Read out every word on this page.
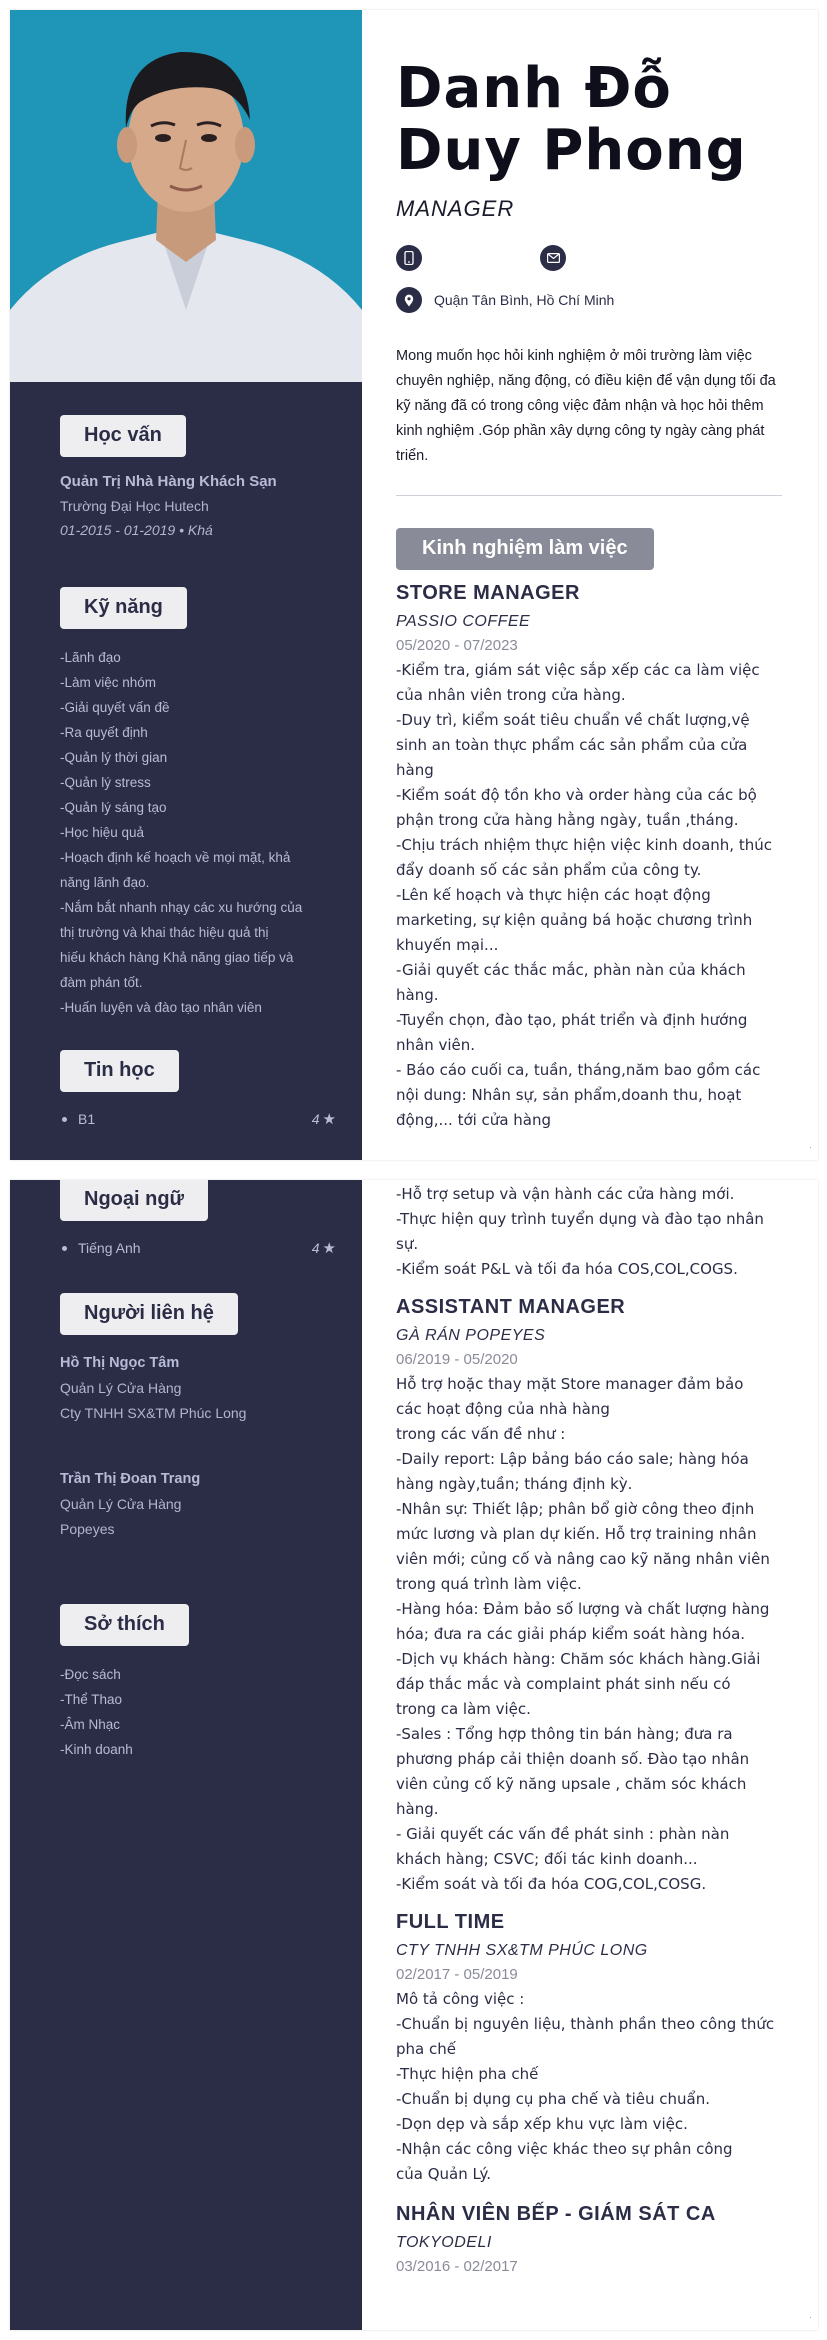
Học vấn
Quản Trị Nhà Hàng Khách Sạn
Trường Đại Học Hutech
01-2015 - 01-2019 • Khá
Kỹ năng
-Lãnh đạo
-Làm việc nhóm
-Giải quyết vấn đề
-Ra quyết định
-Quản lý thời gian
-Quản lý stress
-Quản lý sáng tạo
-Học hiệu quả
-Hoạch định kế hoạch về mọi mặt, khả
năng lãnh đạo.
-Nắm bắt nhanh nhạy các xu hướng của
thị trường và khai thác hiệu quả thị
hiếu khách hàng Khả năng giao tiếp và
đàm phán tốt.
-Huấn luyện và đào tạo nhân viên
Tin học
B1	4 ★
Danh Đỗ
Duy Phong
MANAGER
Quận Tân Bình, Hồ Chí Minh
Mong muốn học hỏi kinh nghiệm ở môi trường làm việc chuyên nghiệp, năng động, có điều kiện để vận dụng tối đa kỹ năng đã có trong công việc đảm nhận và học hỏi thêm kinh nghiệm .Góp phần xây dựng công ty ngày càng phát triển.
Kinh nghiệm làm việc
STORE MANAGER
PASSIO COFFEE
05/2020 - 07/2023
-Kiểm tra, giám sát việc sắp xếp các ca làm việc
của nhân viên trong cửa hàng.
-Duy trì, kiểm soát tiêu chuẩn về chất lượng,vệ
sinh an toàn thực phẩm các sản phẩm của cửa
hàng
-Kiểm soát độ tồn kho và order hàng của các bộ
phận trong cửa hàng hằng ngày, tuần ,tháng.
-Chịu trách nhiệm thực hiện việc kinh doanh, thúc
đẩy doanh số các sản phẩm của công ty.
-Lên kế hoạch và thực hiện các hoạt động
marketing, sự kiện quảng bá hoặc chương trình
khuyến mại...
-Giải quyết các thắc mắc, phàn nàn của khách
hàng.
-Tuyển chọn, đào tạo, phát triển và định hướng
nhân viên.
- Báo cáo cuối ca, tuần, tháng,năm bao gồm các
nội dung: Nhân sự, sản phẩm,doanh thu, hoạt
động,... tới cửa hàng
·
Ngoại ngữ
Tiếng Anh	4 ★
Người liên hệ
Hồ Thị Ngọc Tâm
Quản Lý Cửa Hàng
Cty TNHH SX&TM Phúc Long
Trần Thị Đoan Trang
Quản Lý Cửa Hàng
Popeyes
Sở thích
-Đọc sách
-Thể Thao
-Âm Nhạc
-Kinh doanh
-Hỗ trợ setup và vận hành các cửa hàng mới.
-Thực hiện quy trình tuyển dụng và đào tạo nhân
sự.
-Kiểm soát P&L và tối đa hóa COS,COL,COGS.
ASSISTANT MANAGER
GÀ RÁN POPEYES
06/2019 - 05/2020
Hỗ trợ hoặc thay mặt Store manager đảm bảo
các hoạt động của nhà hàng
trong các vấn đề như :
-Daily report: Lập bảng báo cáo sale; hàng hóa
hàng ngày,tuần; tháng định kỳ.
-Nhân sự: Thiết lập; phân bổ giờ công theo định
mức lương và plan dự kiến. Hỗ trợ training nhân
viên mới; củng cố và nâng cao kỹ năng nhân viên
trong quá trình làm việc.
-Hàng hóa: Đảm bảo số lượng và chất lượng hàng
hóa; đưa ra các giải pháp kiểm soát hàng hóa.
-Dịch vụ khách hàng: Chăm sóc khách hàng.Giải
đáp thắc mắc và complaint phát sinh nếu có
trong ca làm việc.
-Sales : Tổng hợp thông tin bán hàng; đưa ra
phương pháp cải thiện doanh số. Đào tạo nhân
viên củng cố kỹ năng upsale , chăm sóc khách
hàng.
- Giải quyết các vấn đề phát sinh : phàn nàn
khách hàng; CSVC; đối tác kinh doanh...
-Kiểm soát và tối đa hóa COG,COL,COSG.
FULL TIME
CTY TNHH SX&TM PHÚC LONG
02/2017 - 05/2019
Mô tả công việc :
-Chuẩn bị nguyên liệu, thành phần theo công thức
pha chế
-Thực hiện pha chế
-Chuẩn bị dụng cụ pha chế và tiêu chuẩn.
-Dọn dẹp và sắp xếp khu vực làm việc.
-Nhận các công việc khác theo sự phân công
của Quản Lý.
NHÂN VIÊN BẾP - GIÁM SÁT CA
TOKYODELI
03/2016 - 02/2017
·
